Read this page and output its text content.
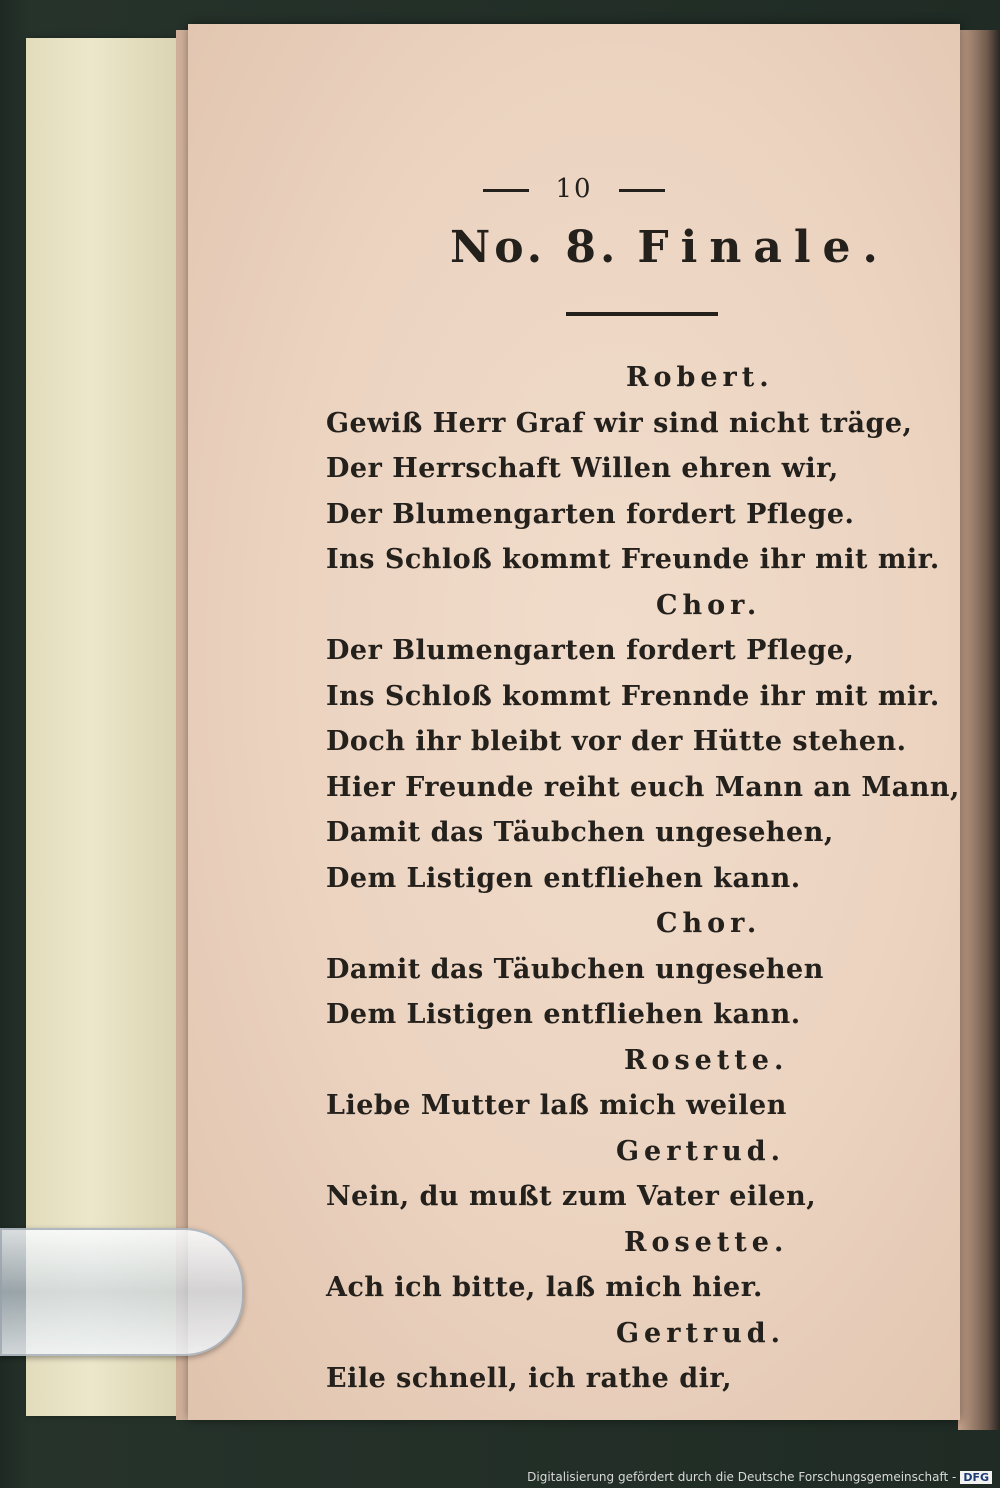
10
No. 8. Finale.
Robert.
Gewiß Herr Graf wir sind nicht träge,
Der Herrschaft Willen ehren wir,
Der Blumengarten fordert Pflege.
Ins Schloß kommt Freunde ihr mit mir.
Chor.
Der Blumengarten fordert Pflege,
Ins Schloß kommt Frennde ihr mit mir.
Doch ihr bleibt vor der Hütte stehen.
Hier Freunde reiht euch Mann an Mann,
Damit das Täubchen ungesehen,
Dem Listigen entfliehen kann.
Chor.
Damit das Täubchen ungesehen
Dem Listigen entfliehen kann.
Rosette.
Liebe Mutter laß mich weilen
Gertrud.
Nein, du mußt zum Vater eilen,
Rosette.
Ach ich bitte, laß mich hier.
Gertrud.
Eile schnell, ich rathe dir,
Digitalisierung gefördert durch die Deutsche Forschungsgemeinschaft - DFG
